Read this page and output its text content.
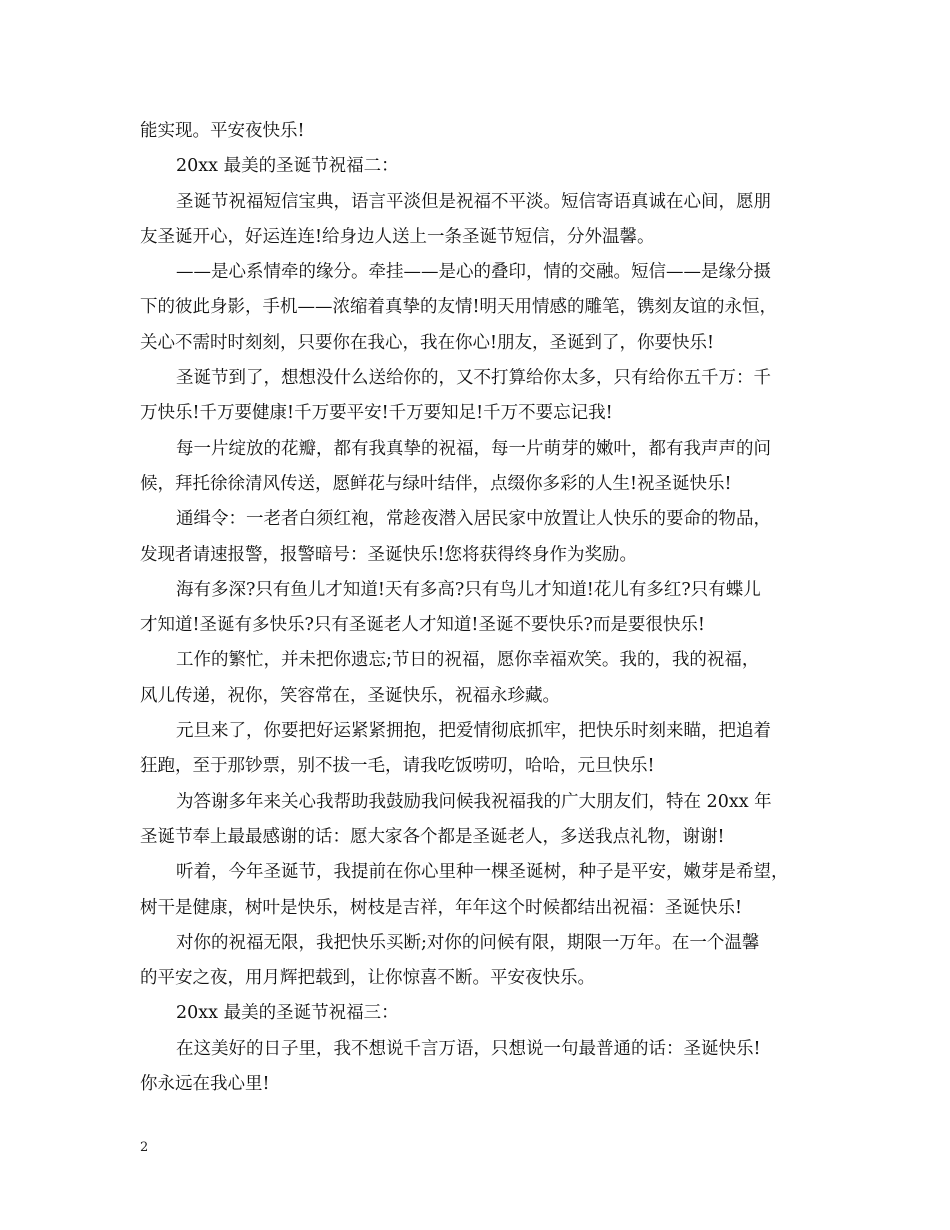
能实现。平安夜快乐!
20xx 最美的圣诞节祝福二：
圣诞节祝福短信宝典，语言平淡但是祝福不平淡。短信寄语真诚在心间，愿朋
友圣诞开心，好运连连!给身边人送上一条圣诞节短信，分外温馨。
——是心系情牵的缘分。牵挂——是心的叠印，情的交融。短信——是缘分摄
下的彼此身影，手机——浓缩着真挚的友情!明天用情感的雕笔，镌刻友谊的永恒，
关心不需时时刻刻，只要你在我心，我在你心!朋友，圣诞到了，你要快乐!
圣诞节到了，想想没什么送给你的，又不打算给你太多，只有给你五千万：千
万快乐!千万要健康!千万要平安!千万要知足!千万不要忘记我!
每一片绽放的花瓣，都有我真挚的祝福，每一片萌芽的嫩叶，都有我声声的问
候，拜托徐徐清风传送，愿鲜花与绿叶结伴，点缀你多彩的人生!祝圣诞快乐!
通缉令：一老者白须红袍，常趁夜潜入居民家中放置让人快乐的要命的物品，
发现者请速报警，报警暗号：圣诞快乐!您将获得终身作为奖励。
海有多深?只有鱼儿才知道!天有多高?只有鸟儿才知道!花儿有多红?只有蝶儿
才知道!圣诞有多快乐?只有圣诞老人才知道!圣诞不要快乐?而是要很快乐!
工作的繁忙，并未把你遗忘;节日的祝福，愿你幸福欢笑。我的，我的祝福，
风儿传递，祝你，笑容常在，圣诞快乐，祝福永珍藏。
元旦来了，你要把好运紧紧拥抱，把爱情彻底抓牢，把快乐时刻来瞄，把追着
狂跑，至于那钞票，别不拔一毛，请我吃饭唠叨，哈哈，元旦快乐!
为答谢多年来关心我帮助我鼓励我问候我祝福我的广大朋友们，特在 20xx 年
圣诞节奉上最最感谢的话：愿大家各个都是圣诞老人，多送我点礼物，谢谢!
听着，今年圣诞节，我提前在你心里种一棵圣诞树，种子是平安，嫩芽是希望，
树干是健康，树叶是快乐，树枝是吉祥，年年这个时候都结出祝福：圣诞快乐!
对你的祝福无限，我把快乐买断;对你的问候有限，期限一万年。在一个温馨
的平安之夜，用月辉把载到，让你惊喜不断。平安夜快乐。
20xx 最美的圣诞节祝福三：
在这美好的日子里，我不想说千言万语，只想说一句最普通的话：圣诞快乐!
你永远在我心里!
2
